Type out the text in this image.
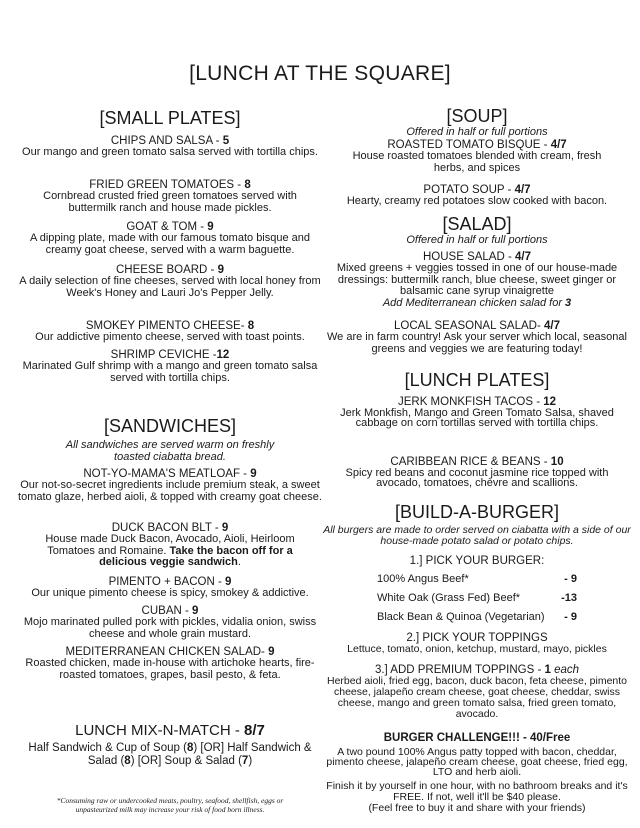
[LUNCH AT THE SQUARE]
[SMALL PLATES]
CHIPS AND SALSA - 5
Our mango and green tomato salsa served with tortilla chips.
FRIED GREEN TOMATOES - 8
Cornbread crusted fried green tomatoes served with buttermilk ranch and house made pickles.
GOAT & TOM - 9
A dipping plate, made with our famous tomato bisque and creamy goat cheese, served with a warm baguette.
CHEESE BOARD - 9
A daily selection of fine cheeses, served with local honey from Week's Honey and Lauri Jo's Pepper Jelly.
SMOKEY PIMENTO CHEESE- 8
Our addictive pimento cheese, served with toast points.
SHRIMP CEVICHE -12
Marinated Gulf shrimp with a mango and green tomato salsa served with tortilla chips.
[SANDWICHES]
All sandwiches are served warm on freshly toasted ciabatta bread.
NOT-YO-MAMA'S MEATLOAF - 9
Our not-so-secret ingredients include premium steak, a sweet tomato glaze, herbed aioli, & topped with creamy goat cheese.
DUCK BACON BLT - 9
House made Duck Bacon, Avocado, Aioli, Heirloom Tomatoes and Romaine. Take the bacon off for a delicious veggie sandwich.
PIMENTO + BACON - 9
Our unique pimento cheese is spicy, smokey & addictive.
CUBAN - 9
Mojo marinated pulled pork with pickles, vidalia onion, swiss cheese and whole grain mustard.
MEDITERRANEAN CHICKEN SALAD- 9
Roasted chicken, made in-house with artichoke hearts, fire-roasted tomatoes, grapes, basil pesto, & feta.
LUNCH MIX-N-MATCH - 8/7
Half Sandwich & Cup of Soup (8) [OR] Half Sandwich & Salad (8) [OR] Soup & Salad (7)
*Consuming raw or undercooked meats, poultry, seafood, shellfish, eggs or unpasteurized milk may increase your risk of food born illness.
[SOUP]
Offered in half or full portions
ROASTED TOMATO BISQUE - 4/7
House roasted tomatoes blended with cream, fresh herbs, and spices
POTATO SOUP - 4/7
Hearty, creamy red potatoes slow cooked with bacon.
[SALAD]
Offered in half or full portions
HOUSE SALAD - 4/7
Mixed greens + veggies tossed in one of our house-made dressings: buttermilk ranch, blue cheese, sweet ginger or balsamic cane syrup vinaigrette
Add Mediterranean chicken salad for 3
LOCAL SEASONAL SALAD- 4/7
We are in farm country! Ask your server which local, seasonal greens and veggies we are featuring today!
[LUNCH PLATES]
JERK MONKFISH TACOS - 12
Jerk Monkfish, Mango and Green Tomato Salsa, shaved cabbage on corn tortillas served with tortilla chips.
CARIBBEAN RICE & BEANS - 10
Spicy red beans and coconut jasmine rice topped with avocado, tomatoes, chèvre and scallions.
[BUILD-A-BURGER]
All burgers are made to order served on ciabatta with a side of our house-made potato salad or potato chips.
1.] PICK YOUR BURGER:
100% Angus Beef*	- 9
White Oak (Grass Fed) Beef*	-13
Black Bean & Quinoa (Vegetarian) - 9
2.] PICK YOUR TOPPINGS
Lettuce, tomato, onion, ketchup, mustard, mayo, pickles
3.] ADD PREMIUM TOPPINGS - 1 each
Herbed aioli, fried egg, bacon, duck bacon, feta cheese, pimento cheese, jalapeño cream cheese, goat cheese, cheddar, swiss cheese, mango and green tomato salsa, fried green tomato, avocado.
BURGER CHALLENGE!!! - 40/Free
A two pound 100% Angus patty topped with bacon, cheddar, pimento cheese, jalapeño cream cheese, goat cheese, fried egg, LTO and herb aioli.
Finish it by yourself in one hour, with no bathroom breaks and it's FREE. If not, well it'll be $40 please.
(Feel free to buy it and share with your friends)
